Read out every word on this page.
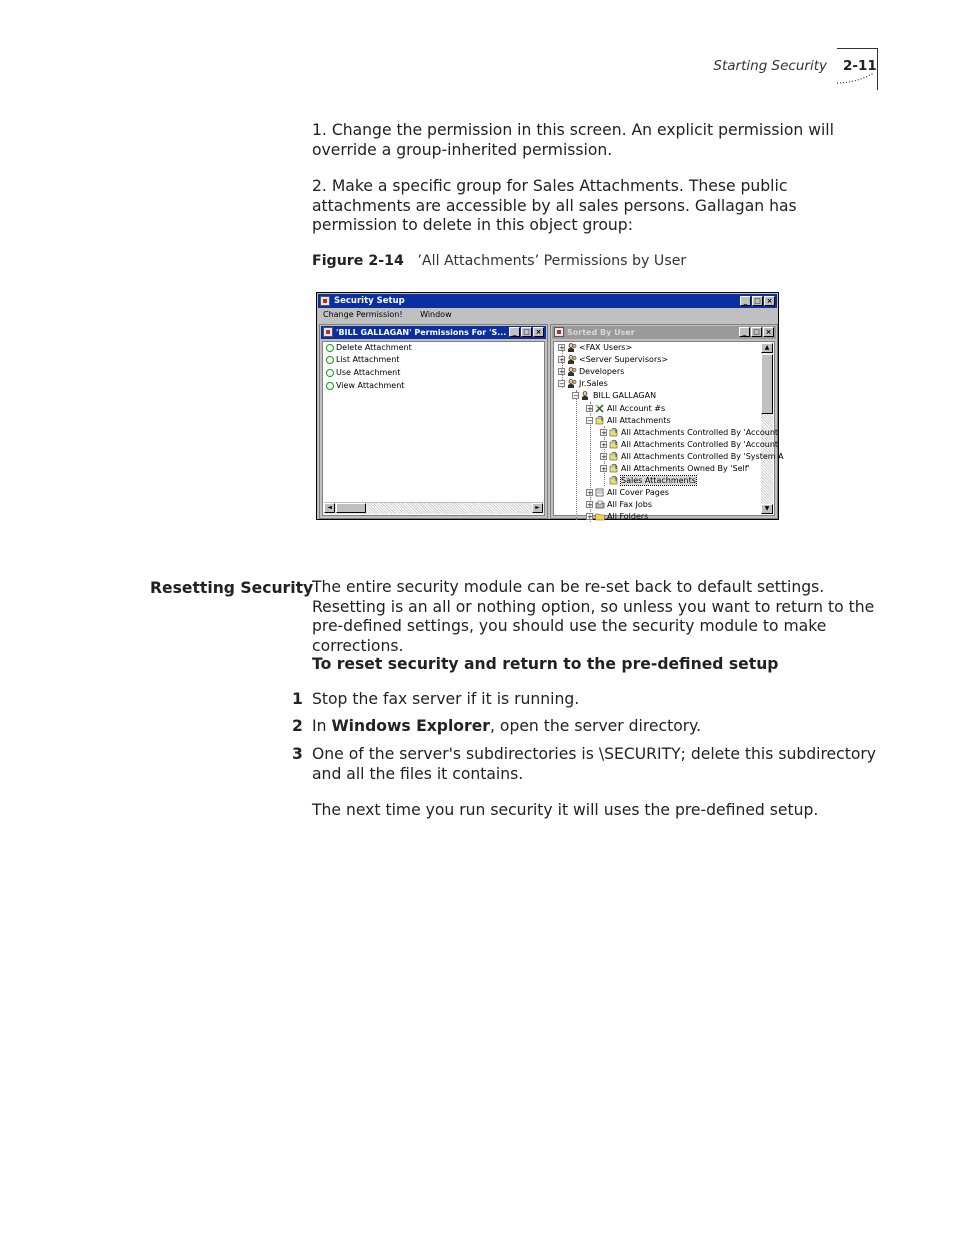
Starting Security 2-11
1. Change the permission in this screen. An explicit permission will override a group-inherited permission.
2. Make a specific group for Sales Attachments. These public attachments are accessible by all sales persons. Gallagan has permission to delete in this object group:
Figure 2-14 ’All Attachments’ Permissions by User
Security Setup	_ □ ×
Change Permission! Window
'BILL GALLAGAN' Permissions For 'S... _ □ ×
Delete Attachment
List Attachment
Use Attachment
View Attachment
◄	►
Sorted By User	_ □ ×
▲
▼
+ <FAX Users>
+ <Server Supervisors>
+ Developers
− Jr.Sales
− BILL GALLAGAN
+ All Account #s
− All Attachments
+ All Attachments Controlled By 'Account
+ All Attachments Controlled By 'Account
+ All Attachments Controlled By 'System A
+ All Attachments Owned By 'Self'
Sales Attachments
+ All Cover Pages
+ All Fax Jobs
+ All Folders
Resetting Security
The entire security module can be re-set back to default settings. Resetting is an all or nothing option, so unless you want to return to the pre-defined settings, you should use the security module to make corrections.
To reset security and return to the pre-defined setup
1 Stop the fax server if it is running.
2 In Windows Explorer, open the server directory.
3 One of the server's subdirectories is \SECURITY; delete this subdirectory and all the files it contains.
The next time you run security it will uses the pre-defined setup.
